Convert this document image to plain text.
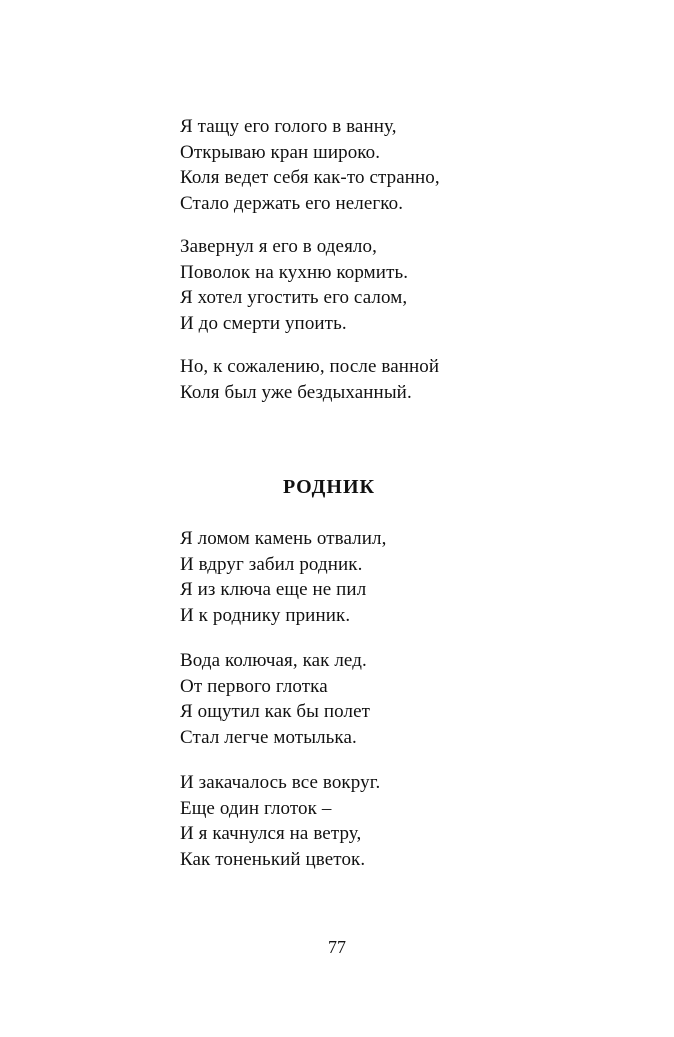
Я тащу его голого в ванну,
Открываю кран широко.
Коля ведет себя как-то странно,
Стало держать его нелегко.
Завернул я его в одеяло,
Поволок на кухню кормить.
Я хотел угостить его салом,
И до смерти упоить.
Но, к сожалению, после ванной
Коля был уже бездыханный.
РОДНИК
Я ломом камень отвалил,
И вдруг забил родник.
Я из ключа еще не пил
И к роднику приник.
Вода колючая, как лед.
От первого глотка
Я ощутил как бы полет
Стал легче мотылька.
И закачалось все вокруг.
Еще один глоток –
И я качнулся на ветру,
Как тоненький цветок.
77
